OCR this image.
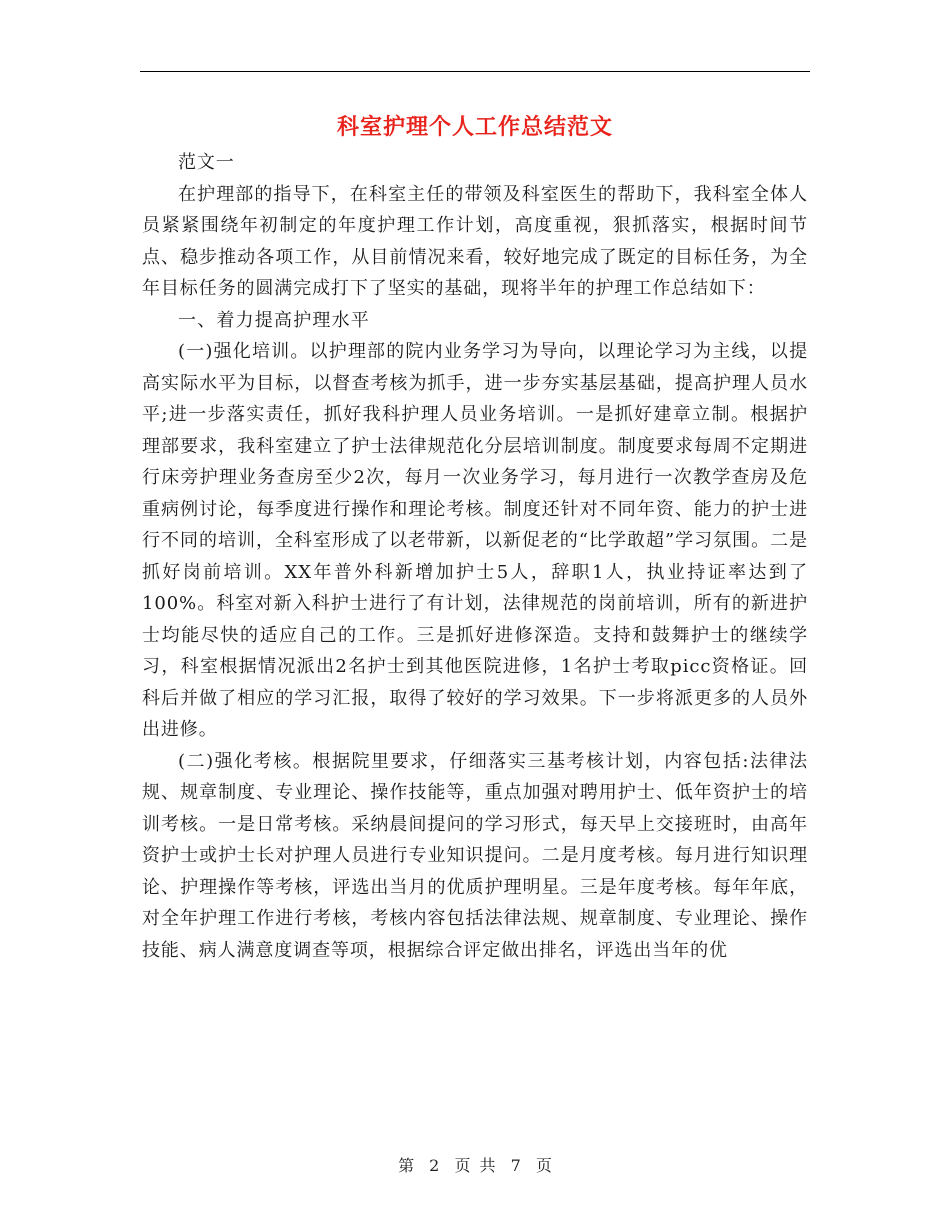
科室护理个人工作总结范文

范文一

在护理部的指导下，在科室主任的带领及科室医生的帮助下，我科室全体人员紧紧围绕年初制定的年度护理工作计划，高度重视，狠抓落实，根据时间节点、稳步推动各项工作，从目前情况来看，较好地完成了既定的目标任务，为全年目标任务的圆满完成打下了坚实的基础，现将半年的护理工作总结如下：

一、着力提高护理水平

(一)强化培训。以护理部的院内业务学习为导向，以理论学习为主线，以提高实际水平为目标，以督查考核为抓手，进一步夯实基层基础，提高护理人员水平;进一步落实责任，抓好我科护理人员业务培训。一是抓好建章立制。根据护理部要求，我科室建立了护士法律规范化分层培训制度。制度要求每周不定期进行床旁护理业务查房至少2次，每月一次业务学习，每月进行一次教学查房及危重病例讨论，每季度进行操作和理论考核。制度还针对不同年资、能力的护士进行不同的培训，全科室形成了以老带新，以新促老的“比学敢超”学习氛围。二是抓好岗前培训。XX年普外科新增加护士5人，辞职1人，执业持证率达到了100%。科室对新入科护士进行了有计划，法律规范的岗前培训，所有的新进护士均能尽快的适应自己的工作。三是抓好进修深造。支持和鼓舞护士的继续学习，科室根据情况派出2名护士到其他医院进修，1名护士考取picc资格证。回科后并做了相应的学习汇报，取得了较好的学习效果。下一步将派更多的人员外出进修。

(二)强化考核。根据院里要求，仔细落实三基考核计划，内容包括:法律法规、规章制度、专业理论、操作技能等，重点加强对聘用护士、低年资护士的培训考核。一是日常考核。采纳晨间提问的学习形式，每天早上交接班时，由高年资护士或护士长对护理人员进行专业知识提问。二是月度考核。每月进行知识理论、护理操作等考核，评选出当月的优质护理明星。三是年度考核。每年年底，对全年护理工作进行考核，考核内容包括法律法规、规章制度、专业理论、操作技能、病人满意度调查等项，根据综合评定做出排名，评选出当年的优

第 2 页 共 7 页
